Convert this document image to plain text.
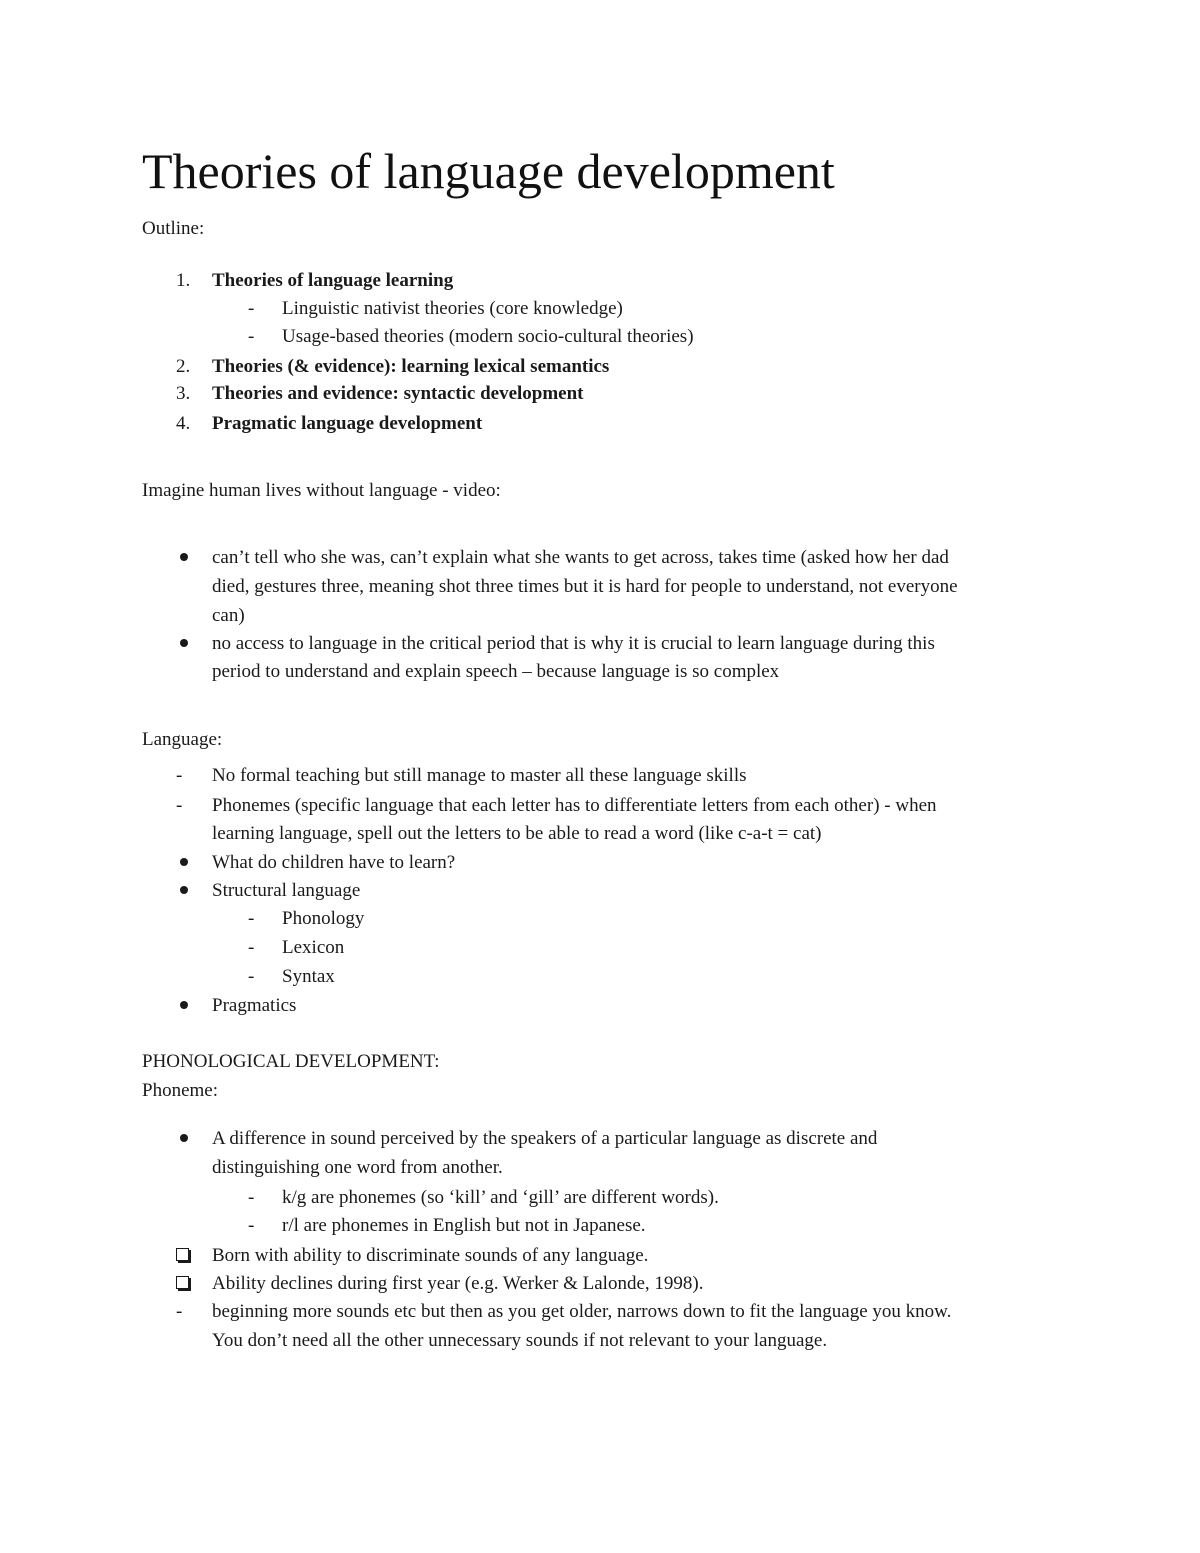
Theories of language development
Outline:
1. Theories of language learning
- Linguistic nativist theories (core knowledge)
- Usage-based theories (modern socio-cultural theories)
2. Theories (& evidence): learning lexical semantics
3. Theories and evidence: syntactic development
4. Pragmatic language development
Imagine human lives without language - video:
can’t tell who she was, can’t explain what she wants to get across, takes time (asked how her dad
died, gestures three, meaning shot three times but it is hard for people to understand, not everyone
can)
no access to language in the critical period that is why it is crucial to learn language during this
period to understand and explain speech – because language is so complex
Language:
- No formal teaching but still manage to master all these language skills
- Phonemes (specific language that each letter has to differentiate letters from each other) - when
learning language, spell out the letters to be able to read a word (like c-a-t = cat)
What do children have to learn?
Structural language
- Phonology
- Lexicon
- Syntax
Pragmatics
PHONOLOGICAL DEVELOPMENT:
Phoneme:
A difference in sound perceived by the speakers of a particular language as discrete and
distinguishing one word from another.
- k/g are phonemes (so ‘kill’ and ‘gill’ are different words).
- r/l are phonemes in English but not in Japanese.
Born with ability to discriminate sounds of any language.
Ability declines during first year (e.g. Werker & Lalonde, 1998).
- beginning more sounds etc but then as you get older, narrows down to fit the language you know.
You don’t need all the other unnecessary sounds if not relevant to your language.
